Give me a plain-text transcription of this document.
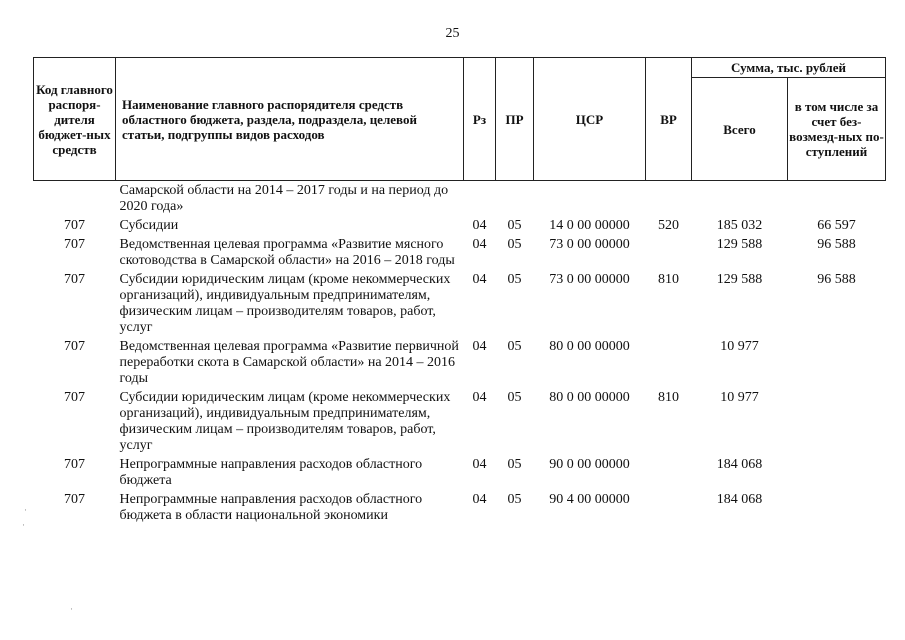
25
Код главного распоря-дителя бюджет-ных средств	Наименование главного распорядителя средств областного бюджета, раздела, подраздела, целевой статьи, подгруппы видов расходов	Рз	ПР	ЦСР	ВР	Сумма, тыс. рублей	
						Всего	в том числе за счет без-возмезд-ных по-ступлений
	Самарской области на 2014 – 2017 годы и на период до 2020 года»						
707	Субсидии	04	05	14 0 00 00000	520	185 032	66 597
707	Ведомственная целевая программа «Развитие мясного скотоводства в Самарской области» на 2016 – 2018 годы	04	05	73 0 00 00000		129 588	96 588
707	Субсидии юридическим лицам (кроме некоммерческих организаций), индивидуальным предпринимателям, физическим лицам – производителям товаров, работ, услуг	04	05	73 0 00 00000	810	129 588	96 588
707	Ведомственная целевая программа «Развитие первичной переработки скота в Самарской области» на 2014 – 2016 годы	04	05	80 0 00 00000		10 977	
707	Субсидии юридическим лицам (кроме некоммерческих организаций), индивидуальным предпринимателям, физическим лицам – производителям товаров, работ, услуг	04	05	80 0 00 00000	810	10 977	
707	Непрограммные направления расходов областного бюджета	04	05	90 0 00 00000		184 068	
707	Непрограммные направления расходов областного бюджета в области национальной экономики	04	05	90 4 00 00000		184 068	
·
·
·
